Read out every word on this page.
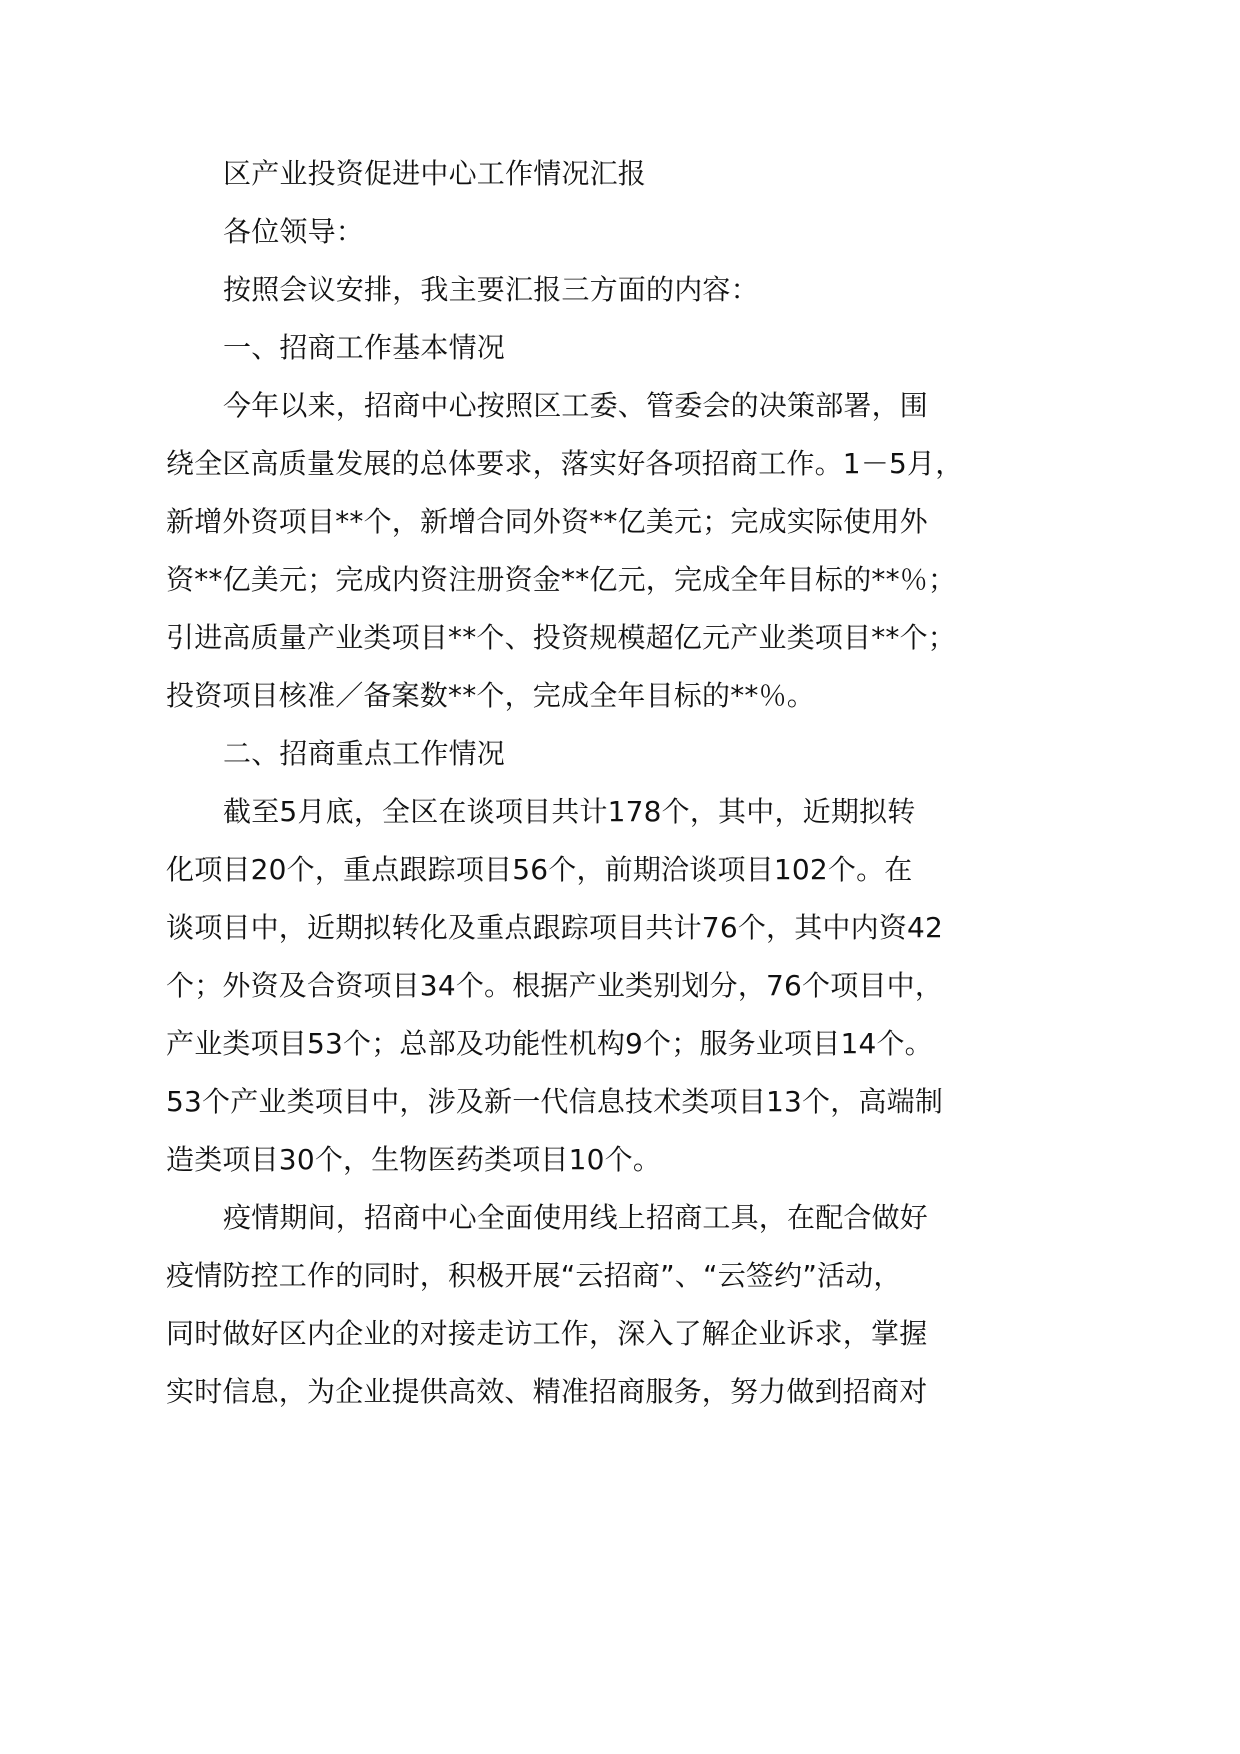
区产业投资促进中心工作情况汇报
各位领导：
按照会议安排，我主要汇报三方面的内容：
一、招商工作基本情况
今年以来，招商中心按照区工委、管委会的决策部署，围
绕全区高质量发展的总体要求，落实好各项招商工作。1－5月，
新增外资项目**个，新增合同外资**亿美元；完成实际使用外
资**亿美元；完成内资注册资金**亿元，完成全年目标的**％；
引进高质量产业类项目**个、投资规模超亿元产业类项目**个；
投资项目核准／备案数**个，完成全年目标的**％。
二、招商重点工作情况
截至5月底，全区在谈项目共计178个，其中，近期拟转
化项目20个，重点跟踪项目56个，前期洽谈项目102个。在
谈项目中，近期拟转化及重点跟踪项目共计76个，其中内资42
个；外资及合资项目34个。根据产业类别划分，76个项目中，
产业类项目53个；总部及功能性机构9个；服务业项目14个。
53个产业类项目中，涉及新一代信息技术类项目13个，高端制
造类项目30个，生物医药类项目10个。
疫情期间，招商中心全面使用线上招商工具，在配合做好
疫情防控工作的同时，积极开展“云招商”、“云签约”活动，
同时做好区内企业的对接走访工作，深入了解企业诉求，掌握
实时信息，为企业提供高效、精准招商服务，努力做到招商对
